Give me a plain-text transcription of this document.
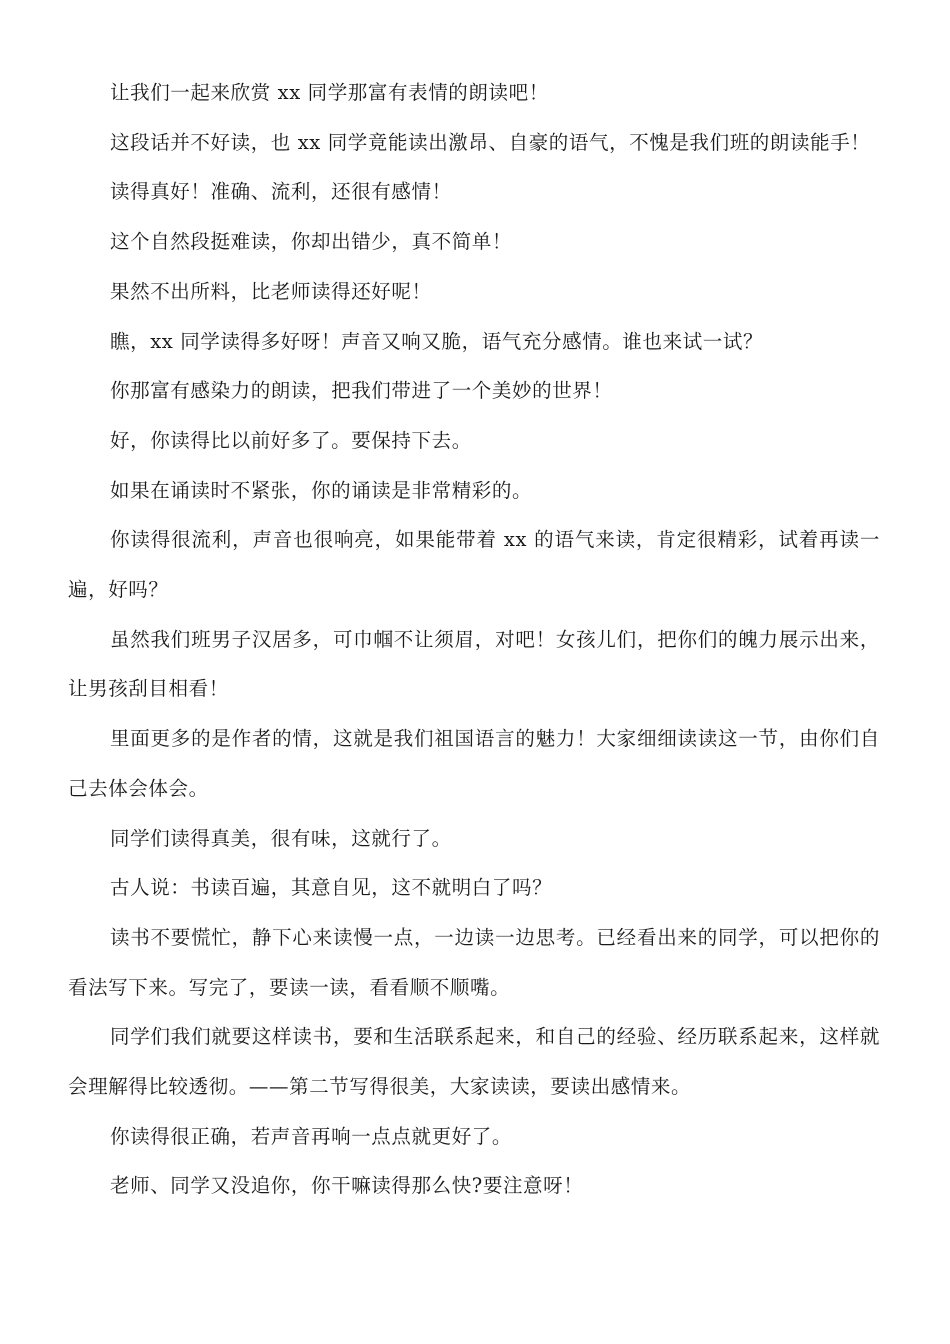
让我们一起来欣赏 xx 同学那富有表情的朗读吧！

这段话并不好读，也 xx 同学竟能读出激昂、自豪的语气，不愧是我们班的朗读能手！

读得真好！准确、流利，还很有感情！

这个自然段挺难读，你却出错少，真不简单！

果然不出所料，比老师读得还好呢！

瞧，xx 同学读得多好呀！声音又响又脆，语气充分感情。谁也来试一试？

你那富有感染力的朗读，把我们带进了一个美妙的世界！

好，你读得比以前好多了。要保持下去。

如果在诵读时不紧张，你的诵读是非常精彩的。

你读得很流利，声音也很响亮，如果能带着 xx 的语气来读，肯定很精彩，试着再读一遍，好吗？

虽然我们班男子汉居多，可巾帼不让须眉，对吧！女孩儿们，把你们的魄力展示出来，让男孩刮目相看！

里面更多的是作者的情，这就是我们祖国语言的魅力！大家细细读读这一节，由你们自己去体会体会。

同学们读得真美，很有味，这就行了。

古人说：书读百遍，其意自见，这不就明白了吗？

读书不要慌忙，静下心来读慢一点，一边读一边思考。已经看出来的同学，可以把你的看法写下来。写完了，要读一读，看看顺不顺嘴。

同学们我们就要这样读书，要和生活联系起来，和自己的经验、经历联系起来，这样就会理解得比较透彻。——第二节写得很美，大家读读，要读出感情来。

你读得很正确，若声音再响一点点就更好了。

老师、同学又没追你，你干嘛读得那么快?要注意呀！
